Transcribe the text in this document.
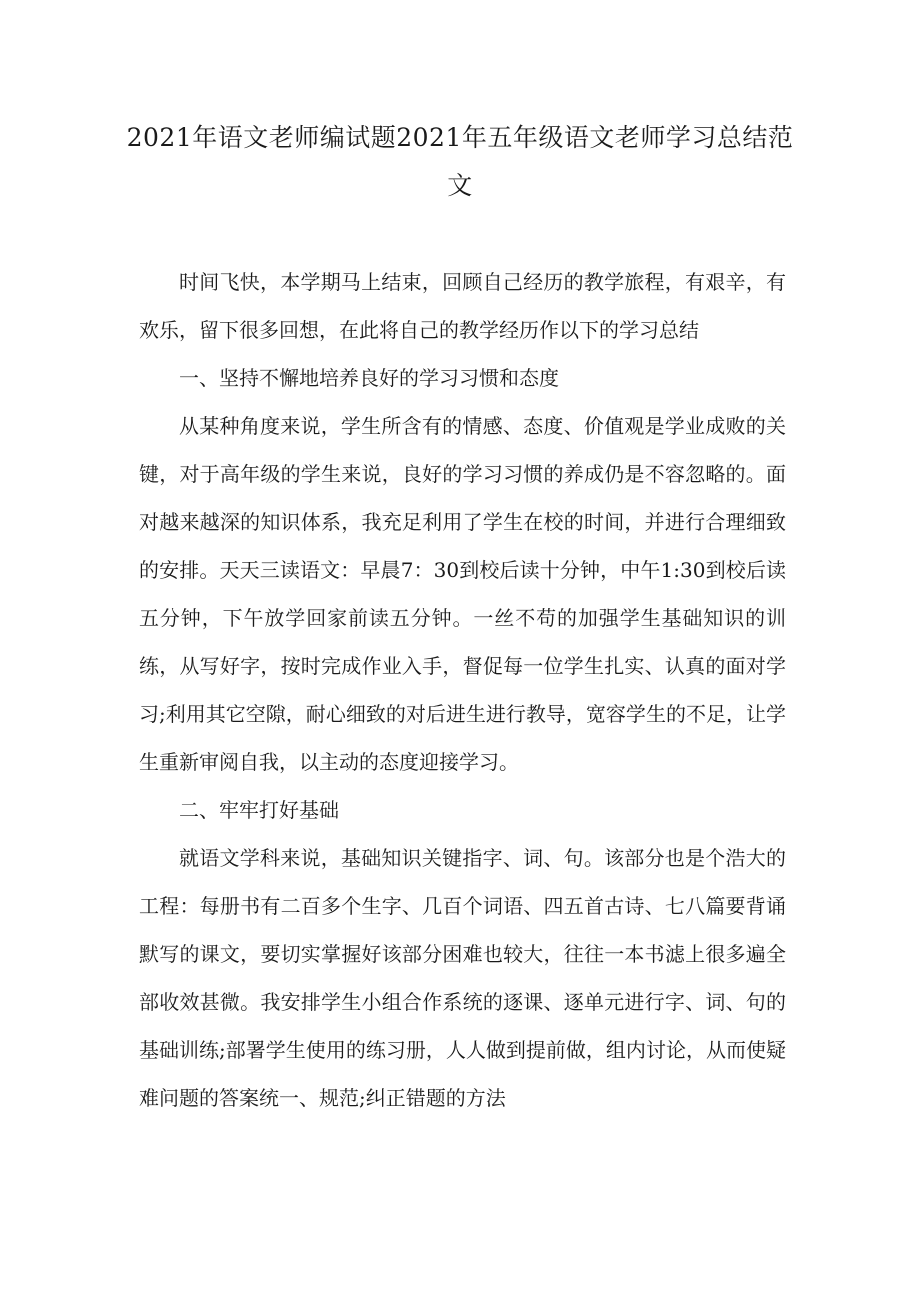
2021年语文老师编试题2021年五年级语文老师学习总结范文

时间飞快，本学期马上结束，回顾自己经历的教学旅程，有艰辛，有欢乐，留下很多回想，在此将自己的教学经历作以下的学习总结

一、坚持不懈地培养良好的学习习惯和态度

从某种角度来说，学生所含有的情感、态度、价值观是学业成败的关键，对于高年级的学生来说，良好的学习习惯的养成仍是不容忽略的。面对越来越深的知识体系，我充足利用了学生在校的时间，并进行合理细致的安排。天天三读语文：早晨7：30到校后读十分钟，中午1:30到校后读五分钟，下午放学回家前读五分钟。一丝不苟的加强学生基础知识的训练，从写好字，按时完成作业入手，督促每一位学生扎实、认真的面对学习;利用其它空隙，耐心细致的对后进生进行教导，宽容学生的不足，让学生重新审阅自我，以主动的态度迎接学习。

二、牢牢打好基础

就语文学科来说，基础知识关键指字、词、句。该部分也是个浩大的工程：每册书有二百多个生字、几百个词语、四五首古诗、七八篇要背诵默写的课文，要切实掌握好该部分困难也较大，往往一本书滤上很多遍全部收效甚微。我安排学生小组合作系统的逐课、逐单元进行字、词、句的基础训练;部署学生使用的练习册，人人做到提前做，组内讨论，从而使疑难问题的答案统一、规范;纠正错题的方法
